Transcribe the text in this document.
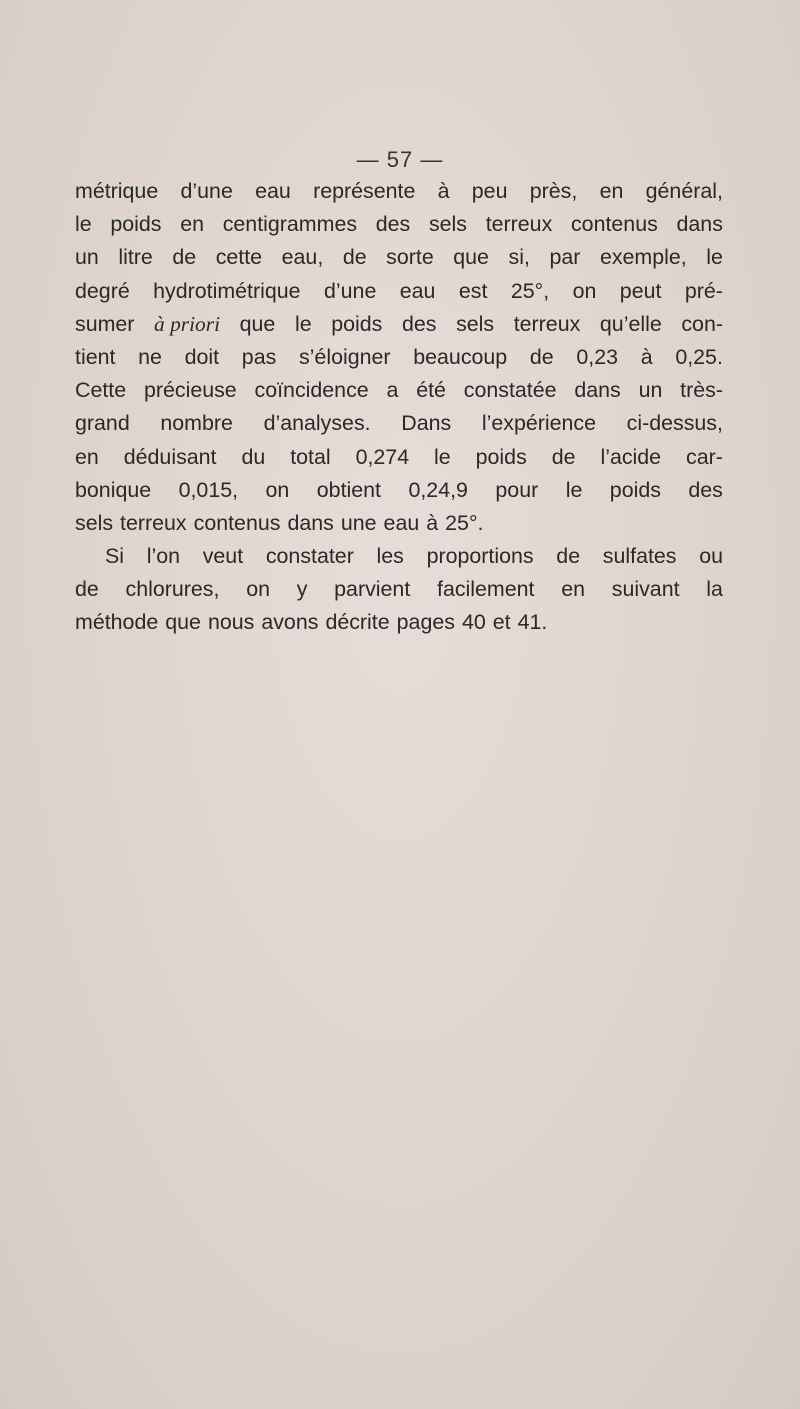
— 57 —
métrique d’une eau représente à peu près, en général,
le poids en centigrammes des sels terreux contenus dans
un litre de cette eau, de sorte que si, par exemple, le
degré hydrotimétrique d’une eau est 25°, on peut pré-
sumer à priori que le poids des sels terreux qu’elle con-
tient ne doit pas s’éloigner beaucoup de 0,23 à 0,25.
Cette précieuse coïncidence a été constatée dans un très-
grand nombre d’analyses. Dans l’expérience ci-dessus,
en déduisant du total 0,274 le poids de l’acide car-
bonique 0,015, on obtient 0,24,9 pour le poids des
sels terreux contenus dans une eau à 25°.
Si l’on veut constater les proportions de sulfates ou
de chlorures, on y parvient facilement en suivant la
méthode que nous avons décrite pages 40 et 41.
